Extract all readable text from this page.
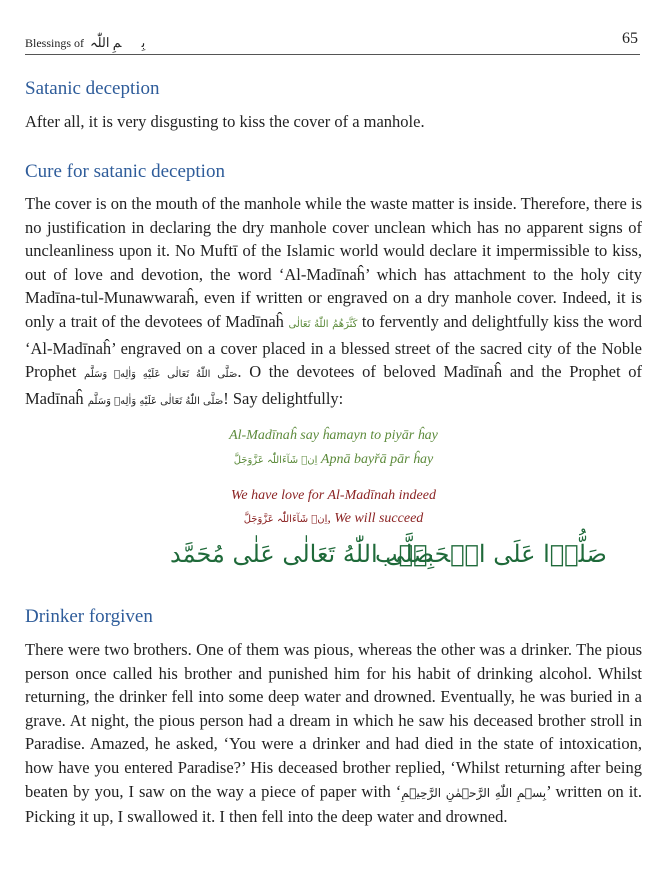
Blessings of بِسۡمِ اللّٰہ	65
Satanic deception

After all, it is very disgusting to kiss the cover of a manhole.

Cure for satanic deception

The cover is on the mouth of the manhole while the waste matter is inside. Therefore, there is no justification in declaring the dry manhole cover unclean which has no apparent signs of uncleanliness upon it. No Muftī of the Islamic world would declare it impermissible to kiss, out of love and devotion, the word ‘Al-Madīnaĥ’ which has attachment to the holy city Madīna-tul-Munawwaraĥ, even if written or engraved on a dry manhole cover. Indeed, it is only a trait of the devotees of Madīnaĥ كَثَّرَهُمُ اللّٰهُ تَعَالٰى to fervently and delightfully kiss the word ‘Al-Madīnaĥ’ engraved on a cover placed in a blessed street of the sacred city of the Noble Prophet صَلَّى اللّٰهُ تَعَالٰى عَلَيْهِ وَاٰلِهٖ وَسَلَّم. O the devotees of beloved Madīnaĥ and the Prophet of Madīnaĥ صَلَّى اللّٰهُ تَعَالٰى عَلَيْهِ وَاٰلِهٖ وَسَلَّم! Say delightfully:

Al-Madīnaĥ say ĥamayn to piyār ĥay

اِنۡ شَآءَاللّٰہ عَزَّوَجَلَّ Apnā bayřā pār ĥay

We have love for Al-Madīnah indeed

اِنۡ شَآءَاللّٰہ عَزَّوَجَلَّ, We will succeed

صَلُّوۡا عَلَى الۡحَبِيۡب
صَلَّى اللّٰهُ تَعَالٰى عَلٰى مُحَمَّد
Drinker forgiven

There were two brothers. One of them was pious, whereas the other was a drinker. The pious person once called his brother and punished him for his habit of drinking alcohol. Whilst returning, the drinker fell into some deep water and drowned. Eventually, he was buried in a grave. At night, the pious person had a dream in which he saw his deceased brother stroll in Paradise. Amazed, he asked, ‘You were a drinker and had died in the state of intoxication, how have you entered Paradise?’ His deceased brother replied, ‘Whilst returning after being beaten by you, I saw on the way a piece of paper with ‘بِسۡمِ اللّٰهِ الرَّحۡمٰنِ الرَّحِیۡمِ’ written on it. Picking it up, I swallowed it. I then fell into the deep water and drowned.
